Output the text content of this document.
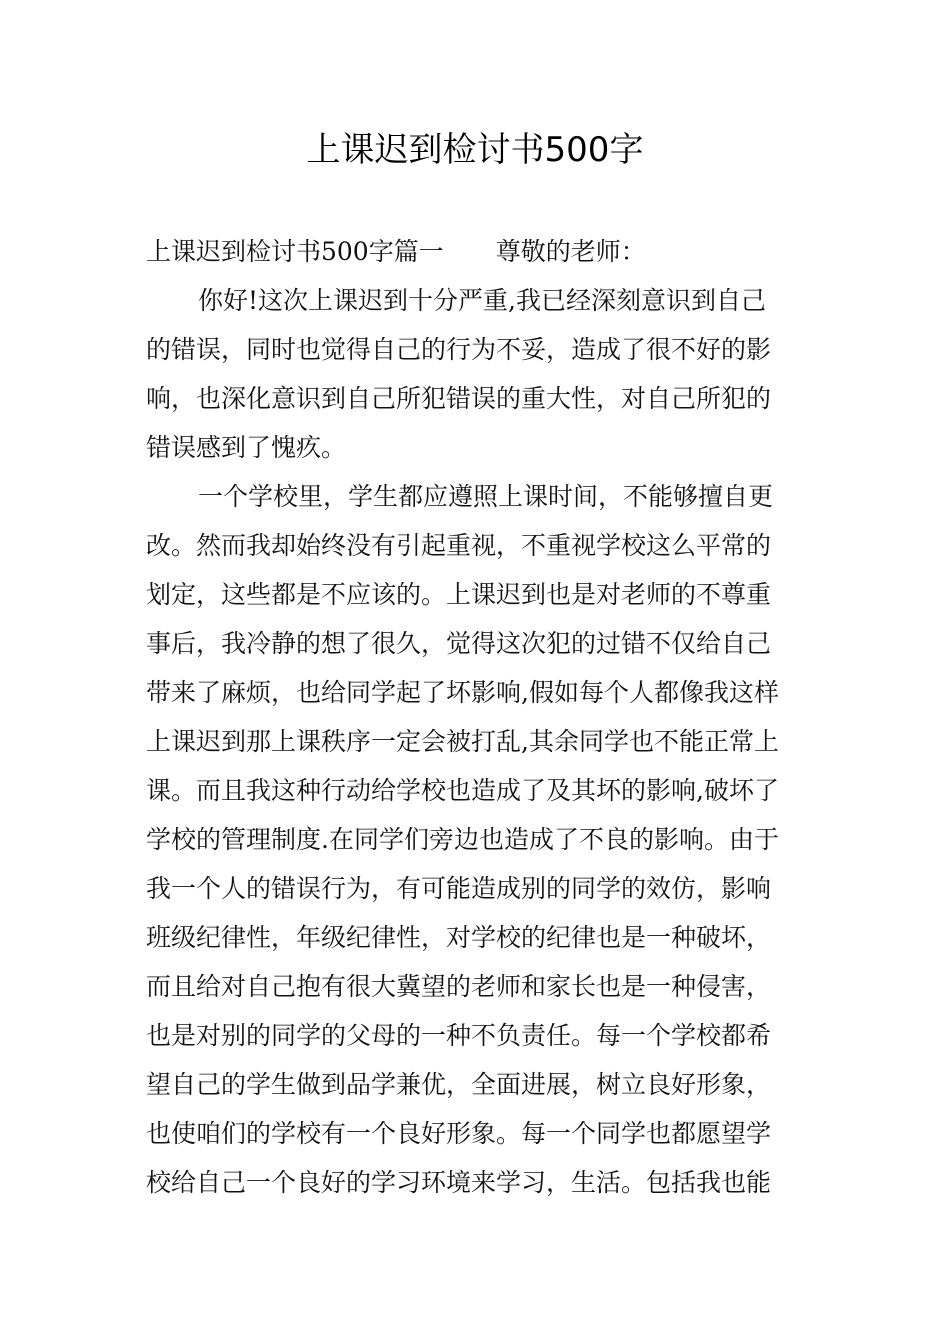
上课迟到检讨书500字
上课迟到检讨书500字篇一 尊敬的老师：
你好!这次上课迟到十分严重,我已经深刻意识到自己
的错误，同时也觉得自己的行为不妥，造成了很不好的影
响，也深化意识到自己所犯错误的重大性，对自己所犯的
错误感到了愧疚。
一个学校里，学生都应遵照上课时间，不能够擅自更
改。然而我却始终没有引起重视，不重视学校这么平常的
划定，这些都是不应该的。上课迟到也是对老师的不尊重
事后，我冷静的想了很久，觉得这次犯的过错不仅给自己
带来了麻烦，也给同学起了坏影响,假如每个人都像我这样
上课迟到那上课秩序一定会被打乱,其余同学也不能正常上
课。而且我这种行动给学校也造成了及其坏的影响,破坏了
学校的管理制度.在同学们旁边也造成了不良的影响。由于
我一个人的错误行为，有可能造成别的同学的效仿，影响
班级纪律性，年级纪律性，对学校的纪律也是一种破坏，
而且给对自己抱有很大冀望的老师和家长也是一种侵害，
也是对别的同学的父母的一种不负责任。每一个学校都希
望自己的学生做到品学兼优，全面进展，树立良好形象，
也使咱们的学校有一个良好形象。每一个同学也都愿望学
校给自己一个良好的学习环境来学习，生活。包括我也能
